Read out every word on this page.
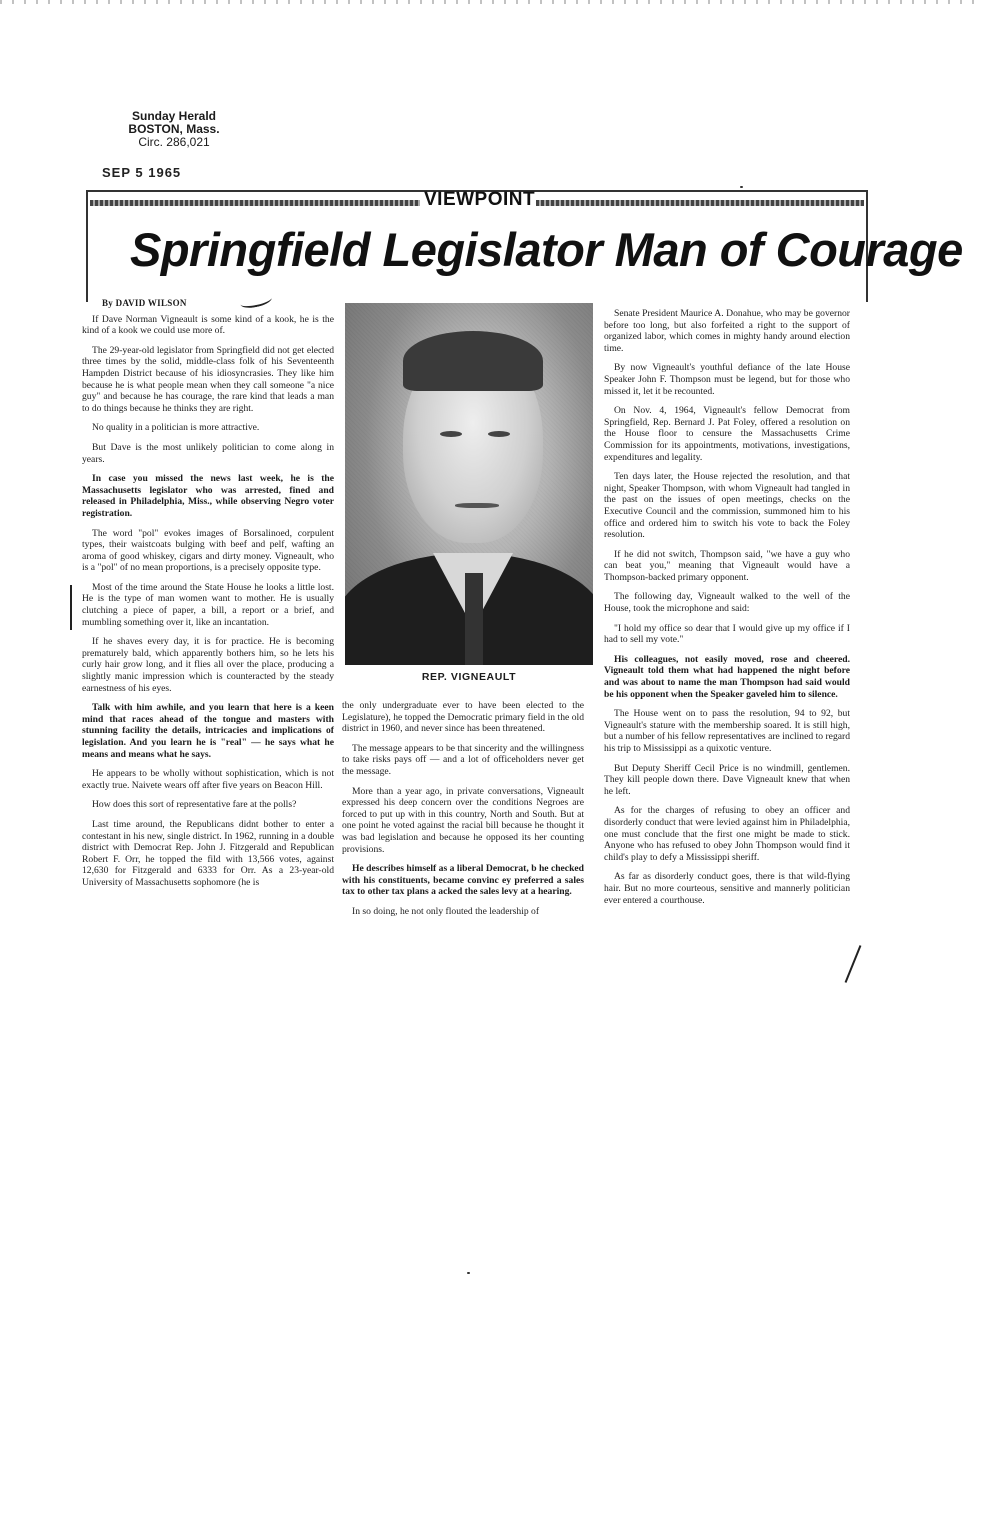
Sunday Herald
BOSTON, Mass.
Circ. 286,021
SEP 5 1965
VIEWPOINT
Springfield Legislator Man of Courage

By DAVID WILSON

If Dave Norman Vigneault is some kind of a kook, he is the kind of a kook we could use more of.

The 29-year-old legislator from Springfield did not get elected three times by the solid, middle-class folk of his Seventeenth Hampden District because of his idiosyncrasies. They like him because he is what people mean when they call someone "a nice guy" and because he has courage, the rare kind that leads a man to do things because he thinks they are right.

No quality in a politician is more attractive.

But Dave is the most unlikely politician to come along in years.

In case you missed the news last week, he is the Massachusetts legislator who was arrested, fined and released in Philadelphia, Miss., while observing Negro voter registration.

The word "pol" evokes images of Borsalinoed, corpulent types, their waistcoats bulging with beef and pelf, wafting an aroma of good whiskey, cigars and dirty money. Vigneault, who is a "pol" of no mean proportions, is a precisely opposite type.

Most of the time around the State House he looks a little lost. He is the type of man women want to mother. He is usually clutching a piece of paper, a bill, a report or a brief, and mumbling something over it, like an incantation.

If he shaves every day, it is for practice. He is becoming prematurely bald, which apparently bothers him, so he lets his curly hair grow long, and it flies all over the place, producing a slightly manic impression which is counteracted by the steady earnestness of his eyes.

Talk with him awhile, and you learn that here is a keen mind that races ahead of the tongue and masters with stunning facility the details, intricacies and implications of legislation. And you learn he is "real" — he says what he means and means what he says.

He appears to be wholly without sophistication, which is not exactly true. Naivete wears off after five years on Beacon Hill.

How does this sort of representative fare at the polls?

Last time around, the Republicans didnt bother to enter a contestant in his new, single district. In 1962, running in a double district with Democrat Rep. John J. Fitzgerald and Republican Robert F. Orr, he topped the fild with 13,566 votes, against 12,630 for Fitzgerald and 6333 for Orr. As a 23-year-old University of Massachusetts sophomore (he is

REP. VIGNEAULT

the only undergraduate ever to have been elected to the Legislature), he topped the Democratic primary field in the old district in 1960, and never since has been threatened.

The message appears to be that sincerity and the willingness to take risks pays off — and a lot of officeholders never get the message.

More than a year ago, in private conversations, Vigneault expressed his deep concern over the conditions Negroes are forced to put up with in this country, North and South. But at one point he voted against the racial bill because he thought it was bad legislation and because he opposed its her counting provisions.

He describes himself as a liberal Democrat, b he checked with his constituents, became convinc ey preferred a sales tax to other tax plans a acked the sales levy at a hearing.

In so doing, he not only flouted the leadership of

Senate President Maurice A. Donahue, who may be governor before too long, but also forfeited a right to the support of organized labor, which comes in mighty handy around election time.

By now Vigneault's youthful defiance of the late House Speaker John F. Thompson must be legend, but for those who missed it, let it be recounted.

On Nov. 4, 1964, Vigneault's fellow Democrat from Springfield, Rep. Bernard J. Pat Foley, offered a resolution on the House floor to censure the Massachusetts Crime Commission for its appointments, motivations, investigations, expenditures and legality.

Ten days later, the House rejected the resolution, and that night, Speaker Thompson, with whom Vigneault had tangled in the past on the issues of open meetings, checks on the Executive Council and the commission, summoned him to his office and ordered him to switch his vote to back the Foley resolution.

If he did not switch, Thompson said, "we have a guy who can beat you," meaning that Vigneault would have a Thompson-backed primary opponent.

The following day, Vigneault walked to the well of the House, took the microphone and said:

"I hold my office so dear that I would give up my office if I had to sell my vote."

His colleagues, not easily moved, rose and cheered. Vigneault told them what had happened the night before and was about to name the man Thompson had said would be his opponent when the Speaker gaveled him to silence.

The House went on to pass the resolution, 94 to 92, but Vigneault's stature with the membership soared. It is still high, but a number of his fellow representatives are inclined to regard his trip to Mississippi as a quixotic venture.

But Deputy Sheriff Cecil Price is no windmill, gentlemen. They kill people down there. Dave Vigneault knew that when he left.

As for the charges of refusing to obey an officer and disorderly conduct that were levied against him in Philadelphia, one must conclude that the first one might be made to stick. Anyone who has refused to obey John Thompson would find it child's play to defy a Mississippi sheriff.

As far as disorderly conduct goes, there is that wild-flying hair. But no more courteous, sensitive and mannerly politician ever entered a courthouse.
